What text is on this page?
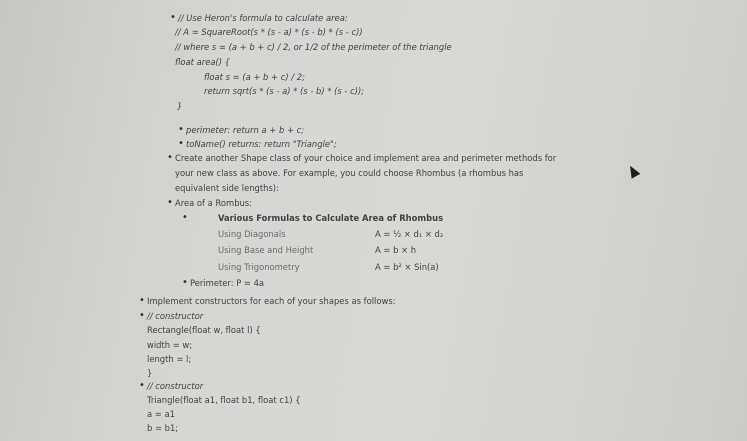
• // Use Heron's formula to calculate area:
// A = SquareRoot(s * (s - a) * (s - b) * (s - c))
// where s = (a + b + c) / 2, or 1/2 of the perimeter of the triangle
float area() {
float s = (a + b + c) / 2;
return sqrt(s * (s - a) * (s - b) * (s - c));
}
• perimeter: return a + b + c;
• toName() returns: return "Triangle";
• Create another Shape class of your choice and implement area and perimeter methods for
your new class as above. For example, you could choose Rhombus (a rhombus has
equivalent side lengths):
• Area of a Rombus:
Various Formulas to Calculate Area of Rhombus
Using Diagonals	A = ½ × d₁ × d₂
Using Base and Height	A = b × h
Using Trigonometry	A = b² × Sin(a)
• Perimeter: P = 4a
• Implement constructors for each of your shapes as follows:
• // constructor
Rectangle(float w, float l) {
width = w;
length = l;
}
• // constructor
Triangle(float a1, float b1, float c1) {
a = a1
b = b1;
